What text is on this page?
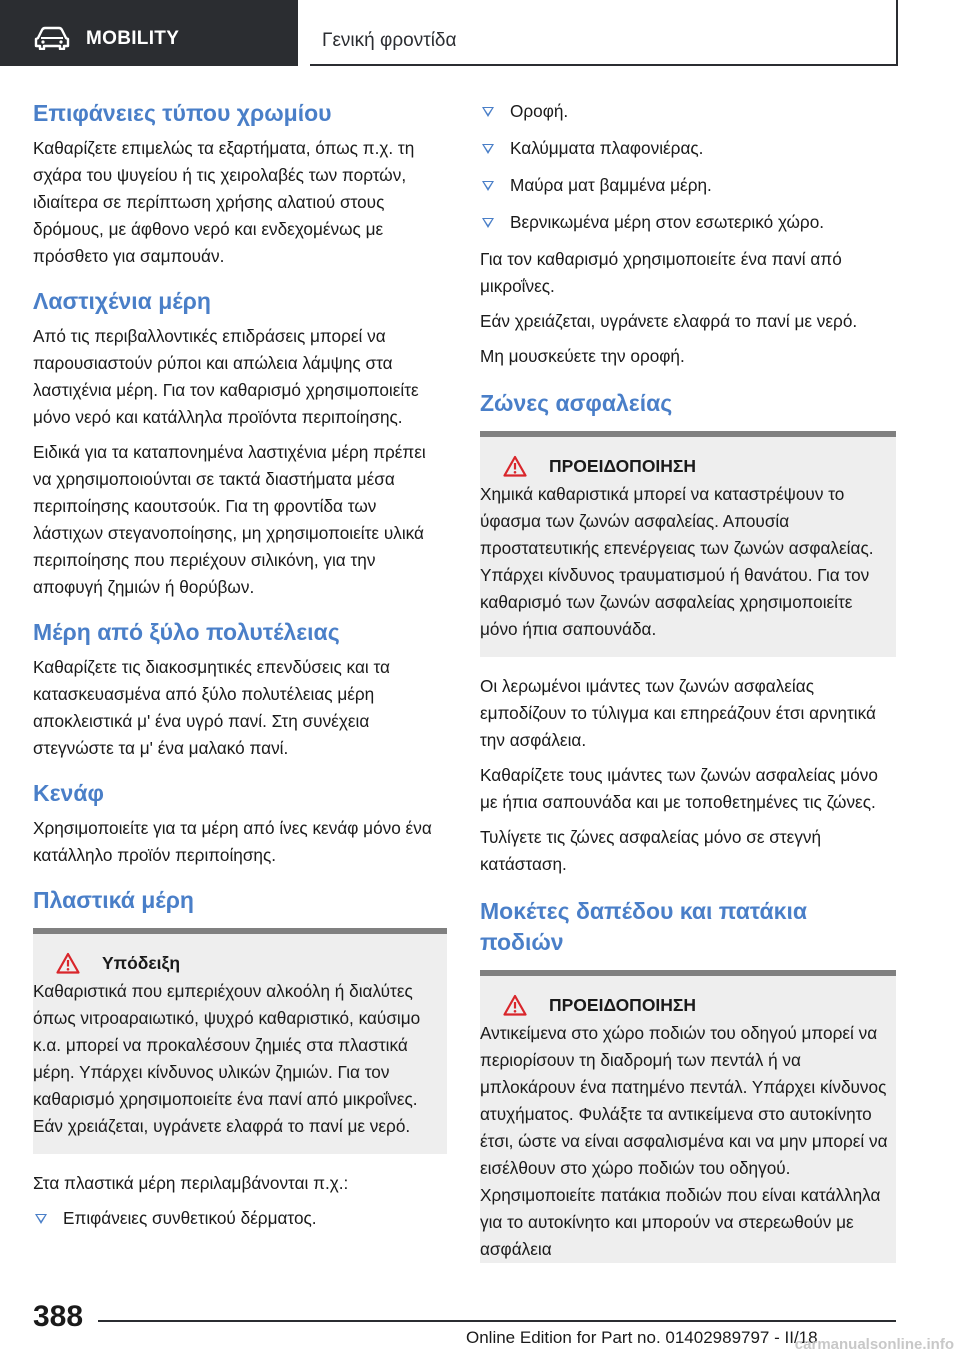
MOBILITY	Γενική φροντίδα
Επιφάνειες τύπου χρωμίου

Καθαρίζετε επιμελώς τα εξαρτήματα, όπως π.χ. τη σχάρα του ψυγείου ή τις χειρολαβές των πορτών, ιδιαίτερα σε περίπτωση χρήσης αλατιού στους δρόμους, με άφθονο νερό και ενδεχομένως με πρόσθετο για σαμπουάν.

Λαστιχένια μέρη

Από τις περιβαλλοντικές επιδράσεις μπορεί να παρουσιαστούν ρύποι και απώλεια λάμψης στα λαστιχένια μέρη. Για τον καθαρισμό χρησιμοποιείτε μόνο νερό και κατάλληλα προϊόντα περιποίησης.

Ειδικά για τα καταπονημένα λαστιχένια μέρη πρέπει να χρησιμοποιούνται σε τακτά διαστήματα μέσα περιποίησης καουτσούκ. Για τη φροντίδα των λάστιχων στεγανοποίησης, μη χρησιμοποιείτε υλικά περιποίησης που περιέχουν σιλικόνη, για την αποφυγή ζημιών ή θορύβων.

Μέρη από ξύλο πολυτέλειας

Καθαρίζετε τις διακοσμητικές επενδύσεις και τα κατασκευασμένα από ξύλο πολυτέλειας μέρη αποκλειστικά μ' ένα υγρό πανί. Στη συνέχεια στεγνώστε τα μ' ένα μαλακό πανί.

Κενάφ

Χρησιμοποιείτε για τα μέρη από ίνες κενάφ μόνο ένα κατάλληλο προϊόν περιποίησης.

Πλαστικά μέρη
Υπόδειξη

Καθαριστικά που εμπεριέχουν αλκοόλη ή διαλύτες όπως νιτροαραιωτικό, ψυχρό καθαριστικό, καύσιμο κ.α. μπορεί να προκαλέσουν ζημιές στα πλαστικά μέρη. Υπάρχει κίνδυνος υλικών ζημιών. Για τον καθαρισμό χρησιμοποιείτε ένα πανί από μικροΐνες. Εάν χρειάζεται, υγράνετε ελαφρά το πανί με νερό.

Στα πλαστικά μέρη περιλαμβάνονται π.χ.:

Επιφάνειες συνθετικού δέρματος.
Οροφή.
Καλύμματα πλαφονιέρας.
Μαύρα ματ βαμμένα μέρη.
Βερνικωμένα μέρη στον εσωτερικό χώρο.

Για τον καθαρισμό χρησιμοποιείτε ένα πανί από μικροΐνες.

Εάν χρειάζεται, υγράνετε ελαφρά το πανί με νερό.

Μη μουσκεύετε την οροφή.

Ζώνες ασφαλείας
ΠΡΟΕΙΔΟΠΟΙΗΣΗ

Χημικά καθαριστικά μπορεί να καταστρέψουν το ύφασμα των ζωνών ασφαλείας. Απουσία προστατευτικής επενέργειας των ζωνών ασφαλείας. Υπάρχει κίνδυνος τραυματισμού ή θανάτου. Για τον καθαρισμό των ζωνών ασφαλείας χρησιμοποιείτε μόνο ήπια σαπουνάδα.

Οι λερωμένοι ιμάντες των ζωνών ασφαλείας εμποδίζουν το τύλιγμα και επηρεάζουν έτσι αρνητικά την ασφάλεια.

Καθαρίζετε τους ιμάντες των ζωνών ασφαλείας μόνο με ήπια σαπουνάδα και με τοποθετημένες τις ζώνες.

Τυλίγετε τις ζώνες ασφαλείας μόνο σε στεγνή κατάσταση.

Μοκέτες δαπέδου και πατάκια ποδιών
ΠΡΟΕΙΔΟΠΟΙΗΣΗ

Αντικείμενα στο χώρο ποδιών του οδηγού μπορεί να περιορίσουν τη διαδρομή των πεντάλ ή να μπλοκάρουν ένα πατημένο πεντάλ. Υπάρχει κίνδυνος ατυχήματος. Φυλάξτε τα αντικείμενα στο αυτοκίνητο έτσι, ώστε να είναι ασφαλισμένα και να μην μπορεί να εισέλθουν στο χώρο ποδιών του οδηγού. Χρησιμοποιείτε πατάκια ποδιών που είναι κατάλληλα για το αυτοκίνητο και μπορούν να στερεωθούν με ασφάλεια

388
Online Edition for Part no. 01402989797 - II/18
carmanualsonline.info
